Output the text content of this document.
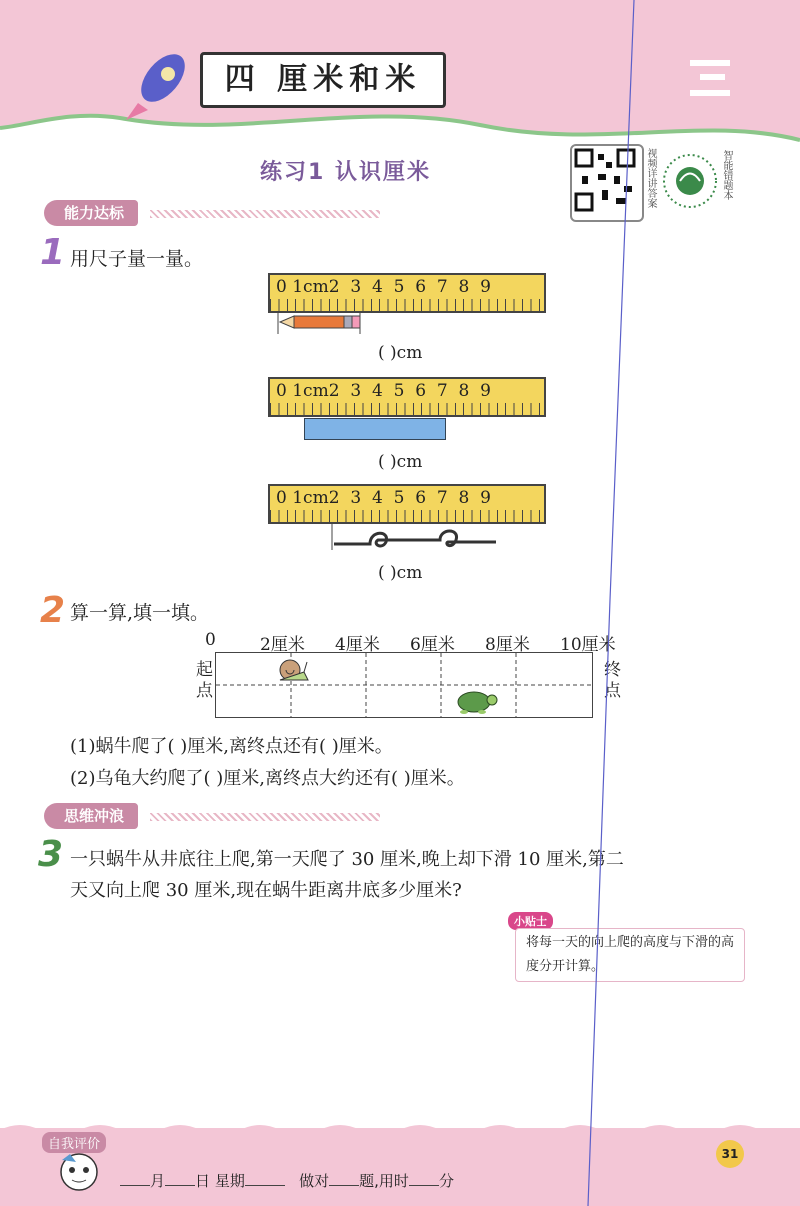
四 厘米和米
练习1 认识厘米	视频详讲答案	智能错题本
能力达标
1 用尺子量一量。
0 1cm2 3 4 5 6 7 8 9
( )cm
0 1cm2 3 4 5 6 7 8 9
( )cm
0 1cm2 3 4 5 6 7 8 9
( )cm
2 算一算,填一填。
0	2厘米 4厘米 6厘米 8厘米 10厘米
起点	终点
(1)蜗牛爬了( )厘米,离终点还有( )厘米。
(2)乌龟大约爬了( )厘米,离终点大约还有( )厘米。
思维冲浪
3 一只蜗牛从井底往上爬,第一天爬了 30 厘米,晚上却下滑 10 厘米,第二
天又向上爬 30 厘米,现在蜗牛距离井底多少厘米?
小贴士
将每一天的向上爬的高度与下滑的高度分开计算。
自我评价
31
月 日 星期	做对 题,用时 分
